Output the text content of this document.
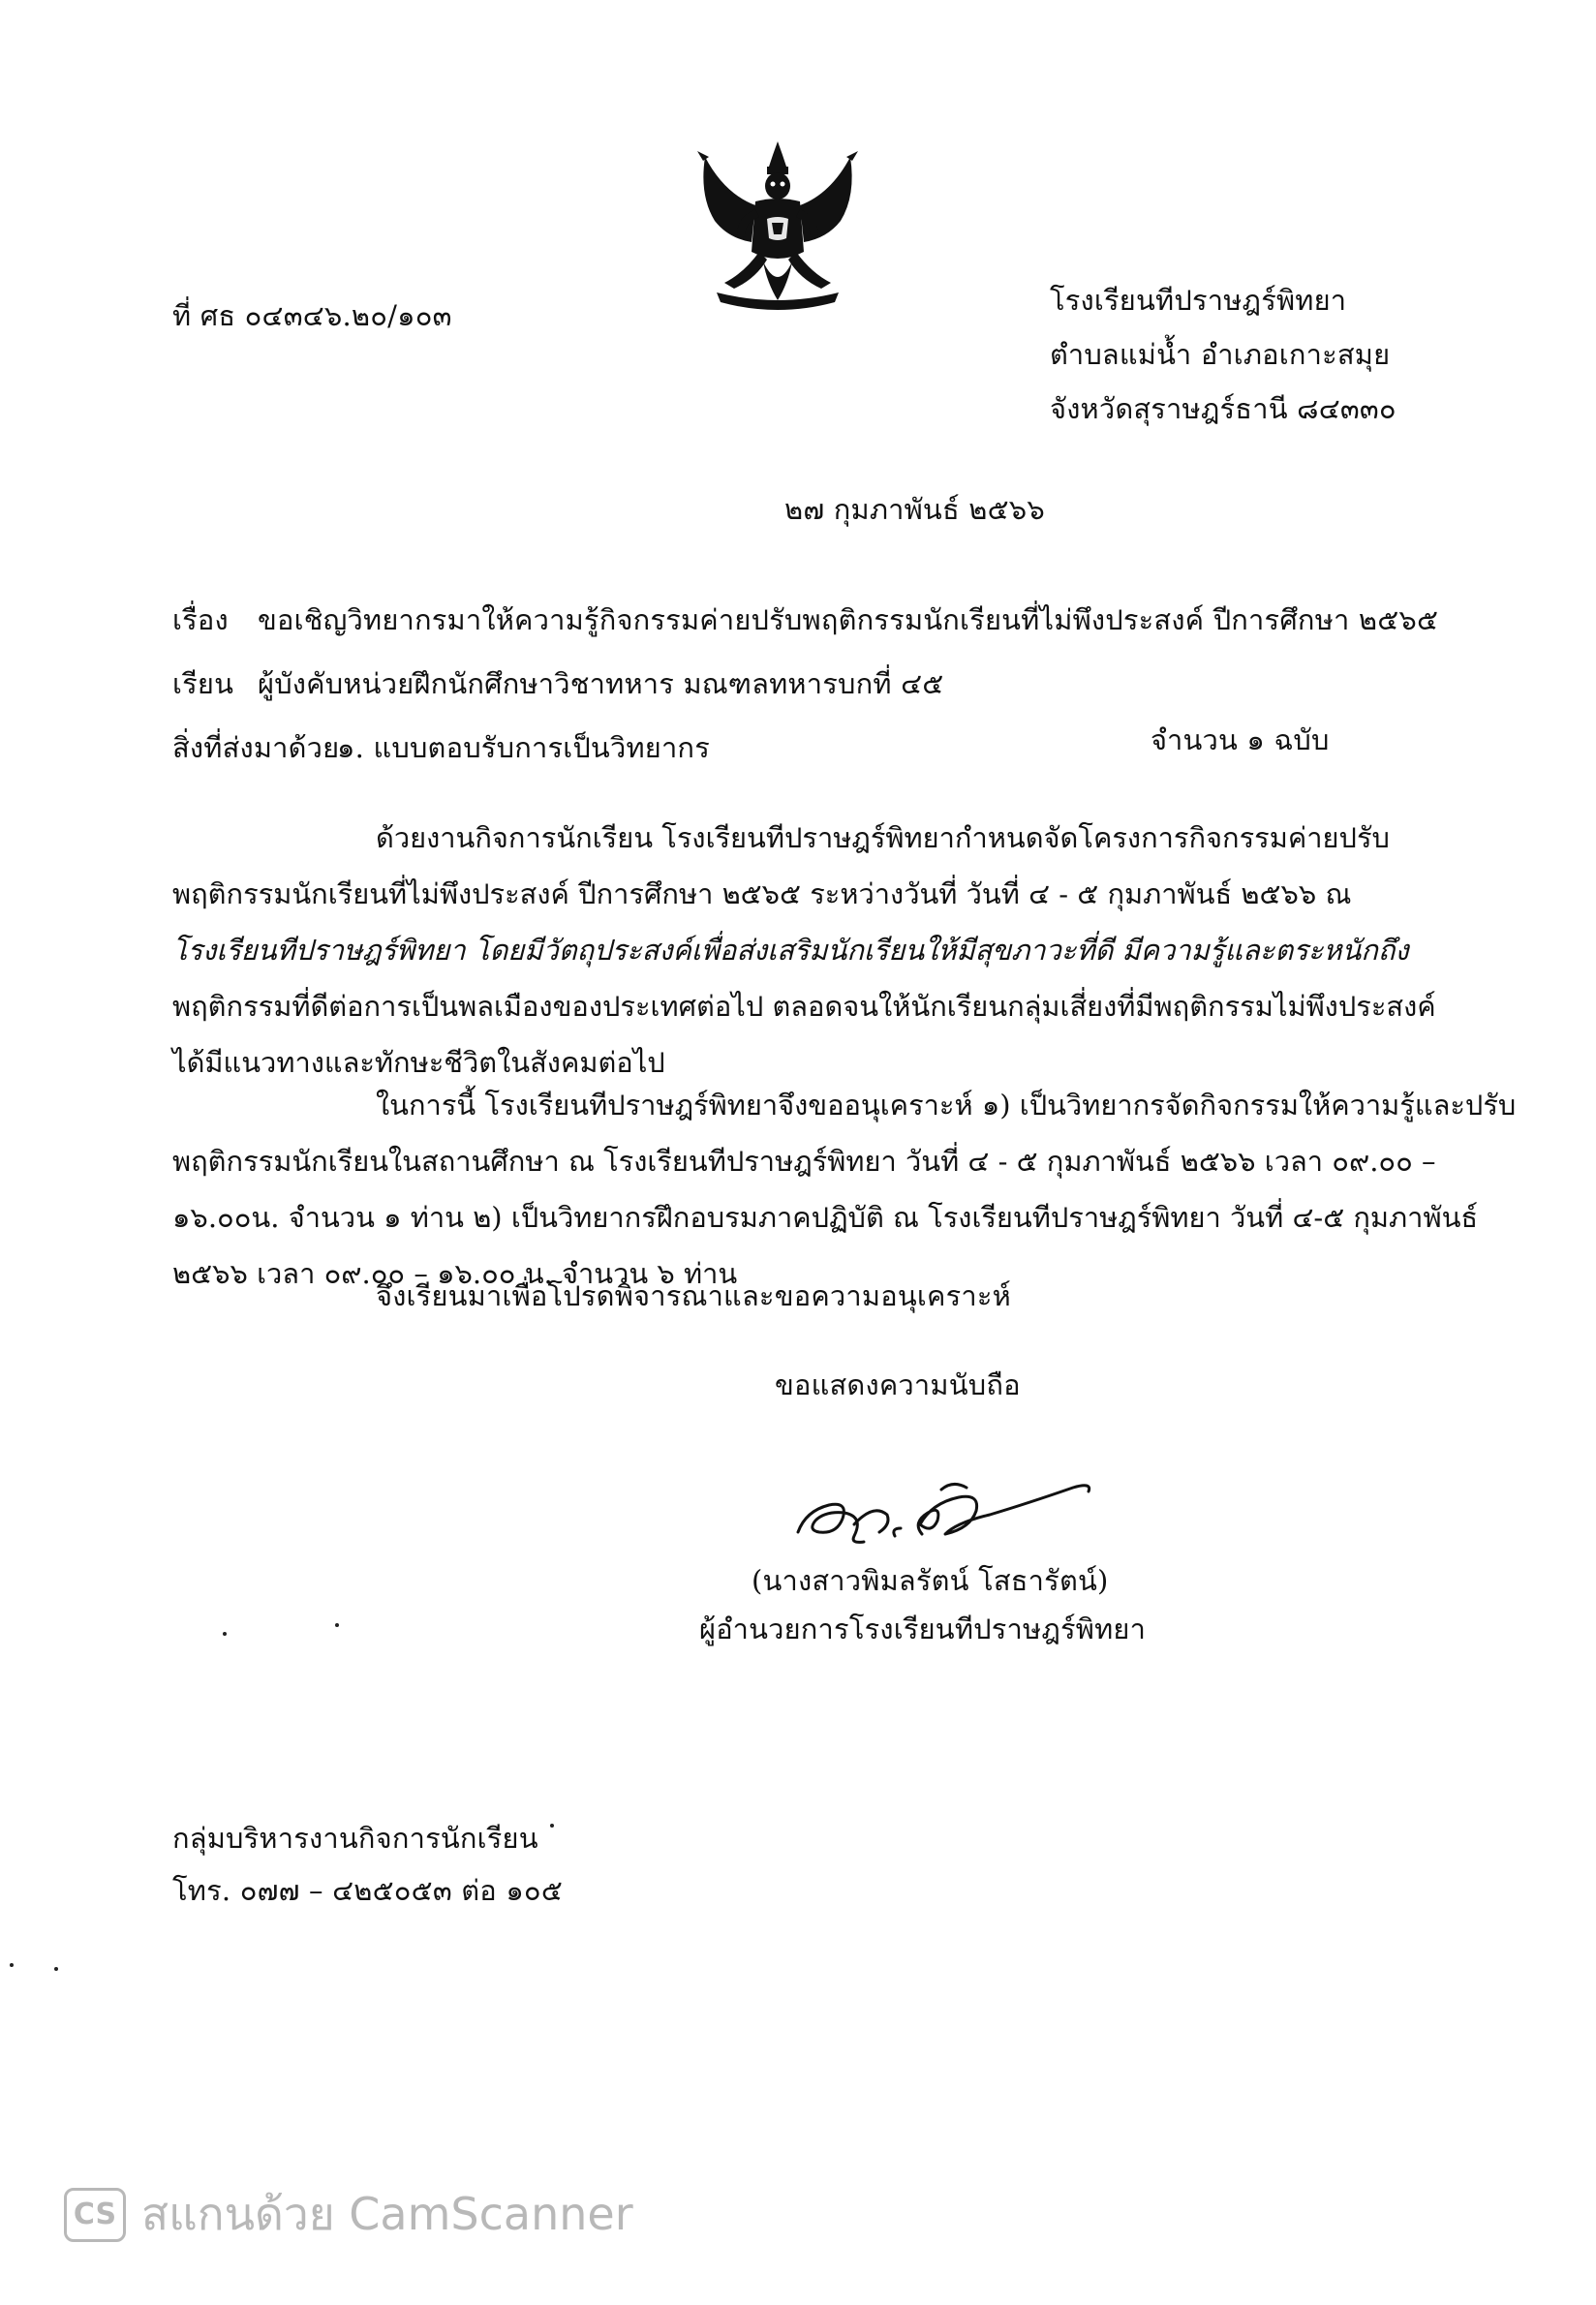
ที่ ศธ ๐๔๓๔๖.๒๐/๑๐๓	โรงเรียนทีปราษฎร์พิทยา
ตำบลแม่น้ำ อำเภอเกาะสมุย
จังหวัดสุราษฎร์ธานี ๘๔๓๓๐
๒๗ กุมภาพันธ์ ๒๕๖๖
เรื่อง ขอเชิญวิทยากรมาให้ความรู้กิจกรรมค่ายปรับพฤติกรรมนักเรียนที่ไม่พึงประสงค์ ปีการศึกษา ๒๕๖๕
เรียน ผู้บังคับหน่วยฝึกนักศึกษาวิชาทหาร มณฑลทหารบกที่ ๔๕
สิ่งที่ส่งมาด้วย๑. แบบตอบรับการเป็นวิทยากร	จำนวน ๑ ฉบับ
ด้วยงานกิจการนักเรียน โรงเรียนทีปราษฎร์พิทยากำหนดจัดโครงการกิจกรรมค่ายปรับ
พฤติกรรมนักเรียนที่ไม่พึงประสงค์ ปีการศึกษา ๒๕๖๕ ระหว่างวันที่ วันที่ ๔ - ๕ กุมภาพันธ์ ๒๕๖๖ ณ
โรงเรียนทีปราษฎร์พิทยา โดยมีวัตถุประสงค์เพื่อส่งเสริมนักเรียนให้มีสุขภาวะที่ดี มีความรู้และตระหนักถึง
พฤติกรรมที่ดีต่อการเป็นพลเมืองของประเทศต่อไป ตลอดจนให้นักเรียนกลุ่มเสี่ยงที่มีพฤติกรรมไม่พึงประสงค์
ได้มีแนวทางและทักษะชีวิตในสังคมต่อไป
ในการนี้ โรงเรียนทีปราษฎร์พิทยาจึงขออนุเคราะห์ ๑) เป็นวิทยากรจัดกิจกรรมให้ความรู้และปรับ
พฤติกรรมนักเรียนในสถานศึกษา ณ โรงเรียนทีปราษฎร์พิทยา วันที่ ๔ - ๕ กุมภาพันธ์ ๒๕๖๖ เวลา ๐๙.๐๐ –
๑๖.๐๐น. จำนวน ๑ ท่าน ๒) เป็นวิทยากรฝึกอบรมภาคปฏิบัติ ณ โรงเรียนทีปราษฎร์พิทยา วันที่ ๔-๕ กุมภาพันธ์
๒๕๖๖ เวลา ๐๙.๐๐ – ๑๖.๐๐ น. จำนวน ๖ ท่าน
จึงเรียนมาเพื่อโปรดพิจารณาและขอความอนุเคราะห์
ขอแสดงความนับถือ
(นางสาวพิมลรัตน์ โสธารัตน์)
ผู้อำนวยการโรงเรียนทีปราษฎร์พิทยา
กลุ่มบริหารงานกิจการนักเรียน
โทร. ๐๗๗ – ๔๒๕๐๕๓ ต่อ ๑๐๕
CS สแกนด้วย CamScanner
